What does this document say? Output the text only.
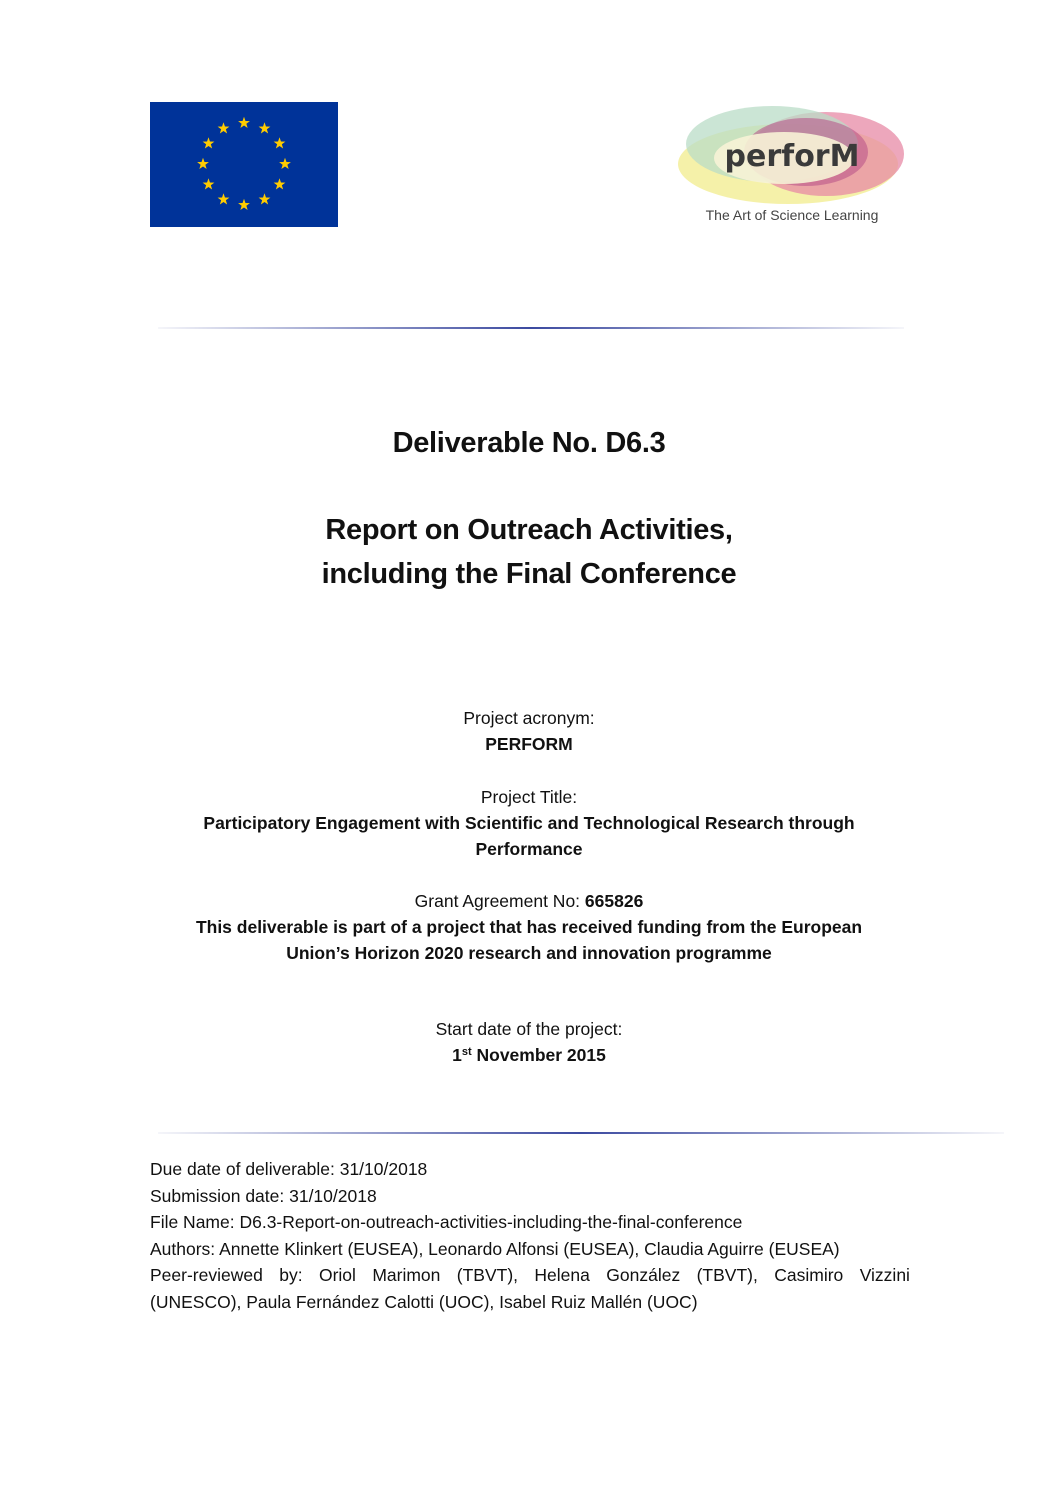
perforM
The Art of Science Learning
Deliverable No. D6.3
Report on Outreach Activities,
including the Final Conference
Project acronym:
PERFORM
Project Title:
Participatory Engagement with Scientific and Technological Research through
Performance
Grant Agreement No: 665826
This deliverable is part of a project that has received funding from the European
Union’s Horizon 2020 research and innovation programme
Start date of the project:
1st November 2015
Due date of deliverable: 31/10/2018
Submission date: 31/10/2018
File Name: D6.3-Report-on-outreach-activities-including-the-final-conference
Authors: Annette Klinkert (EUSEA), Leonardo Alfonsi (EUSEA), Claudia Aguirre (EUSEA)
Peer-reviewed by: Oriol Marimon (TBVT), Helena González (TBVT), Casimiro Vizzini
(UNESCO), Paula Fernández Calotti (UOC), Isabel Ruiz Mallén (UOC)
